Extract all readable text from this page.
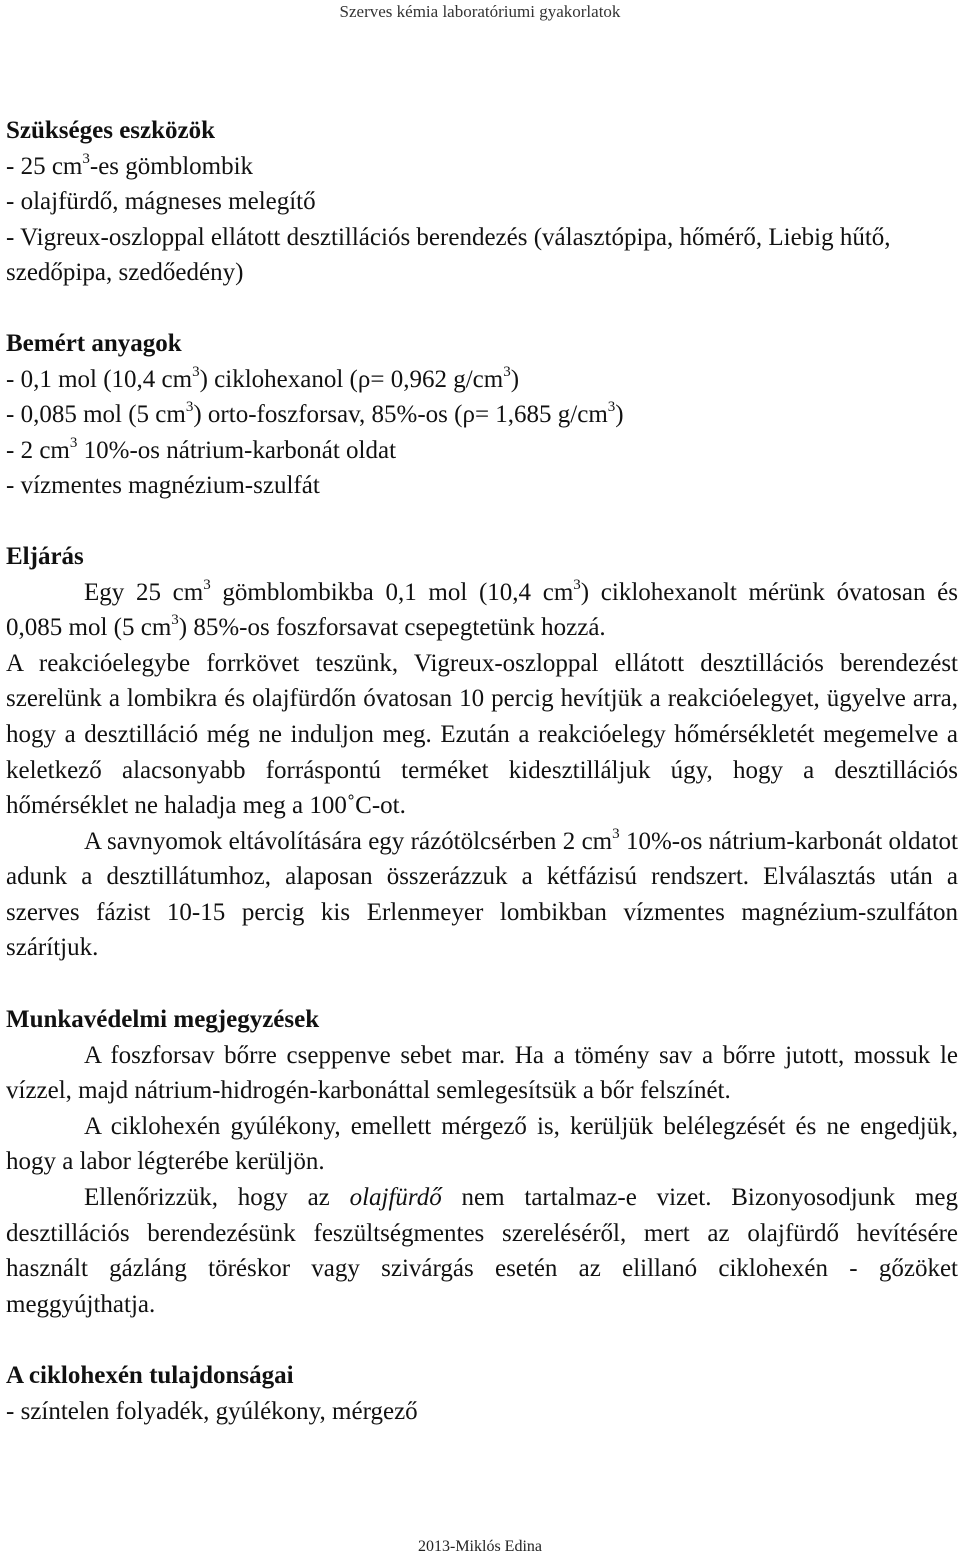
Szerves kémia laboratóriumi gyakorlatok
Szükséges eszközök
- 25 $cm^3-es$ gömblombik
- olajfürdő, mágneses melegítő
- Vigreux-oszloppal ellátott desztillációs berendezés (választópipa, hőmérő, Liebig hűtő, szedőpipa, szedőedény)
Bemért anyagok
- 0,1 mol (10,4 $cm^3$) ciklohexanol (ρ= 0,962 $g/cm^3$)
- 0,085 mol (5 $cm^3$) orto-foszforsav, 85%-os (ρ= 1,685 $g/cm^3$)
- 2 $cm^3$ 10%-os nátrium-karbonát oldat
- vízmentes magnézium-szulfát
Eljárás
Egy 25 $cm^3$ gömblombikba 0,1 mol (10,4 $cm^3$) ciklohexanolt mérünk óvatosan és 0,085 mol (5 $cm^3$) 85%-os foszforsavat csepegtetünk hozzá.
A reakcióelegybe forrkövet teszünk, Vigreux-oszloppal ellátott desztillációs berendezést szerelünk a lombikra és olajfürdőn óvatosan 10 percig hevítjük a reakcióelegyet, ügyelve arra, hogy a desztilláció még ne induljon meg. Ezután a reakcióelegy hőmérsékletét megemelve a keletkező alacsonyabb forráspontú terméket kidesztilláljuk úgy, hogy a desztillációs hőmérséklet ne haladja meg a 100˚C-ot.
A savnyomok eltávolítására egy rázótölcsérben 2 $cm^3$ 10%-os nátrium-karbonát oldatot adunk a desztillátumhoz, alaposan összerázzuk a kétfázisú rendszert. Elválasztás után a szerves fázist 10-15 percig kis Erlenmeyer lombikban vízmentes magnézium-szulfáton szárítjuk.
Munkavédelmi megjegyzések
A foszforsav bőrre cseppenve sebet mar. Ha a tömény sav a bőrre jutott, mossuk le vízzel, majd nátrium-hidrogén-karbonáttal semlegesítsük a bőr felszínét.
A ciklohexén gyúlékony, emellett mérgező is, kerüljük belélegzését és ne engedjük, hogy a labor légterébe kerüljön.
Ellenőrizzük, hogy az olajfürdő nem tartalmaz-e vizet. Bizonyosodjunk meg desztillációs berendezésünk feszültségmentes szereléséről, mert az olajfürdő hevítésére használt gázláng töréskor vagy szivárgás esetén az elillanó ciklohexén - gőzöket meggyújthatja.
A ciklohexén tulajdonságai
- színtelen folyadék, gyúlékony, mérgező
2013-Miklós Edina
